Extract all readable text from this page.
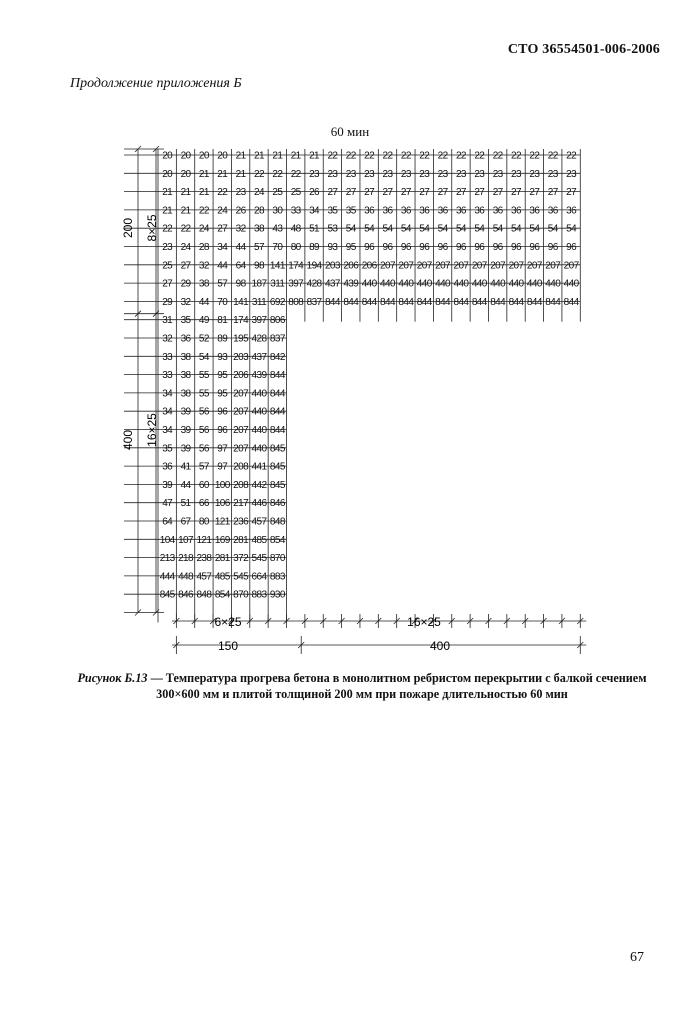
СТО 36554501-006-2006
Продолжение приложения Б
60 мин
20 20 20 20 21 21 21 21 21 22 22 22 22 22 22 22 22 22 22 22 22 22 22
20 20 21 21 21 22 22 22 23 23 23 23 23 23 23 23 23 23 23 23 23 23 23
21 21 21 22 23 24 25 25 26 27 27 27 27 27 27 27 27 27 27 27 27 27 27
21 21 22 24 26 28 30 33 34 35 35 36 36 36 36 36 36 36 36 36 36 36 36
22 22 24 27 32 38 43 48 51 53 54 54 54 54 54 54 54 54 54 54 54 54 54
23 24 28 34 44 57 70 80 89 93 95 96 96 96 96 96 96 96 96 96 96 96 96
25 27 32 44 64 98 141 174 194 203 206 206 207 207 207 207 207 207 207 207 207 207 207
27 29 38 57 98 187 311 397 428 437 439 440 440 440 440 440 440 440 440 440 440 440 440
29 32 44 70 141 311 692 808 837 844 844 844 844 844 844 844 844 844 844 844 844 844 844
31 35 49 81 174 397 806
32 36 52 89 195 428 837
33 38 54 93 203 437 842
33 38 55 95 206 439 844
34 38 55 95 207 440 844
34 39 56 96 207 440 844
34 39 56 96 207 440 844
35 39 56 97 207 440 845
36 41 57 97 208 441 845
39 44 60 100 208 442 845
47 51 66 106 217 446 846
64 67 80 121 236 457 848
104 107 121 169 281 485 854
213 218 238 281 372 545 870
444 448 457 485 545 664 883
845 846 848 854 870 883 930
200 8×25
400 16×25
6×25	16×25
150	400
Рисунок Б.13 — Температура прогрева бетона в монолитном ребристом перекрытии с балкой сечением 300×600 мм и плитой толщиной 200 мм при пожаре длительностью 60 мин
67
